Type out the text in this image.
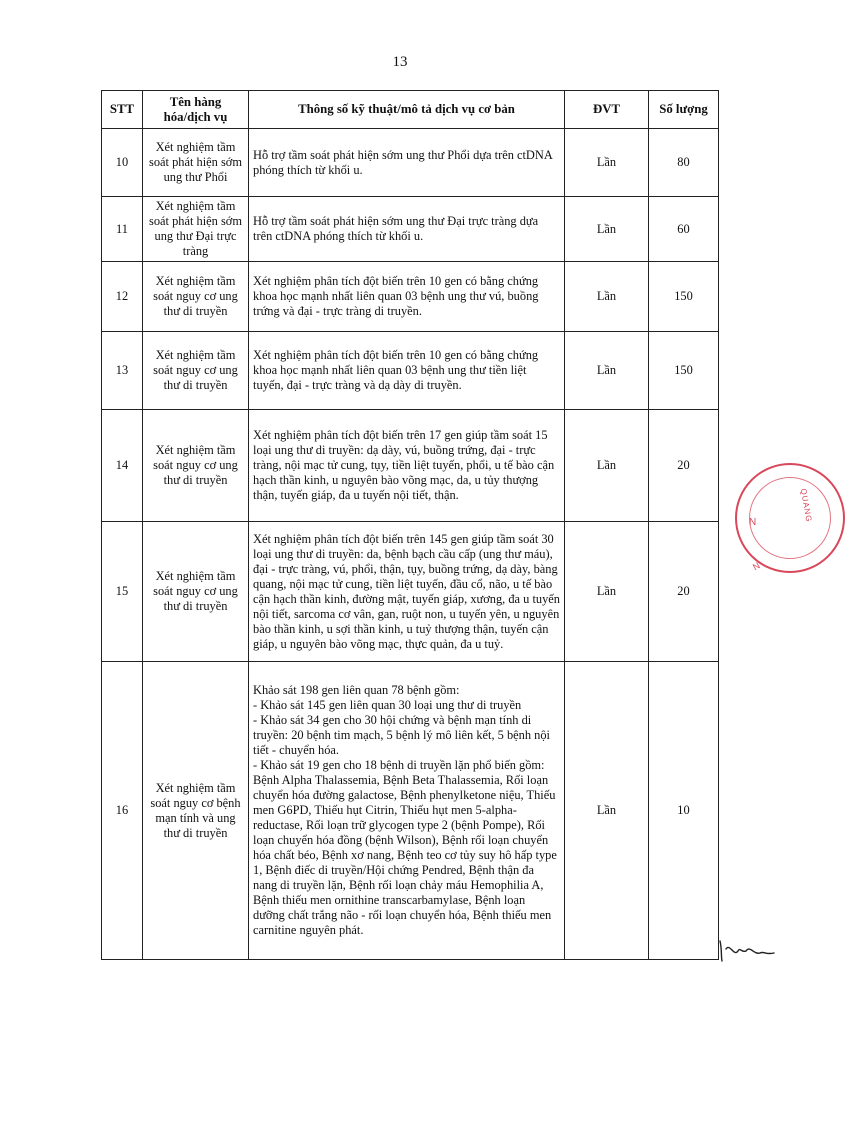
13
STT	Tên hàng hóa/dịch vụ	Thông số kỹ thuật/mô tả dịch vụ cơ bản	ĐVT	Số lượng
10	Xét nghiệm tầm soát phát hiện sớm ung thư Phổi	Hỗ trợ tầm soát phát hiện sớm ung thư Phổi dựa trên ctDNA phóng thích từ khối u.	Lần	80
11	Xét nghiệm tầm soát phát hiện sớm ung thư Đại trực tràng	Hỗ trợ tầm soát phát hiện sớm ung thư Đại trực tràng dựa trên ctDNA phóng thích từ khối u.	Lần	60
12	Xét nghiệm tầm soát nguy cơ ung thư di truyền	Xét nghiệm phân tích đột biến trên 10 gen có bằng chứng khoa học mạnh nhất liên quan 03 bệnh ung thư vú, buồng trứng và đại - trực tràng di truyền.	Lần	150
13	Xét nghiệm tầm soát nguy cơ ung thư di truyền	Xét nghiệm phân tích đột biến trên 10 gen có bằng chứng khoa học mạnh nhất liên quan 03 bệnh ung thư tiền liệt tuyến, đại - trực tràng và dạ dày di truyền.	Lần	150
14	Xét nghiệm tầm soát nguy cơ ung thư di truyền	Xét nghiệm phân tích đột biến trên 17 gen giúp tầm soát 15 loại ung thư di truyền: dạ dày, vú, buồng trứng, đại - trực tràng, nội mạc tử cung, tụy, tiền liệt tuyến, phổi, u tế bào cận hạch thần kinh, u nguyên bào võng mạc, da, u tủy thượng thận, tuyến giáp, đa u tuyến nội tiết, thận.	Lần	20
15	Xét nghiệm tầm soát nguy cơ ung thư di truyền	Xét nghiệm phân tích đột biến trên 145 gen giúp tầm soát 30 loại ung thư di truyền: da, bệnh bạch cầu cấp (ung thư máu), đại - trực tràng, vú, phổi, thận, tụy, buồng trứng, dạ dày, bàng quang, nội mạc tử cung, tiền liệt tuyến, đầu cổ, não, u tế bào cận hạch thần kinh, đường mật, tuyến giáp, xương, đa u tuyến nội tiết, sarcoma cơ vân, gan, ruột non, u tuyến yên, u nguyên bào thần kinh, u sợi thần kinh, u tuỷ thượng thận, tuyến cận giáp, u nguyên bào võng mạc, thực quản, đa u tuỷ.	Lần	20
16	Xét nghiệm tầm soát nguy cơ bệnh mạn tính và ung thư di truyền	Khảo sát 198 gen liên quan 78 bệnh gồm:
- Khảo sát 145 gen liên quan 30 loại ung thư di truyền
- Khảo sát 34 gen cho 30 hội chứng và bệnh mạn tính di truyền: 20 bệnh tim mạch, 5 bệnh lý mô liên kết, 5 bệnh nội tiết - chuyển hóa.
- Khảo sát 19 gen cho 18 bệnh di truyền lặn phổ biến gồm: Bệnh Alpha Thalassemia, Bệnh Beta Thalassemia, Rối loạn chuyển hóa đường galactose, Bệnh phenylketone niệu, Thiếu men G6PD, Thiếu hụt Citrin, Thiếu hụt men 5-alpha-reductase, Rối loạn trữ glycogen type 2 (bệnh Pompe), Rối loạn chuyển hóa đồng (bệnh Wilson), Bệnh rối loạn chuyển hóa chất béo, Bệnh xơ nang, Bệnh teo cơ tủy suy hô hấp type 1, Bệnh điếc di truyền/Hội chứng Pendred, Bệnh thận đa nang di truyền lặn, Bệnh rối loạn chảy máu Hemophilia A, Bệnh thiếu men ornithine transcarbamylase, Bệnh loạn dưỡng chất trắng não - rối loạn chuyển hóa, Bệnh thiếu men carnitine nguyên phát.	Lần	10
QUANG
N
N
